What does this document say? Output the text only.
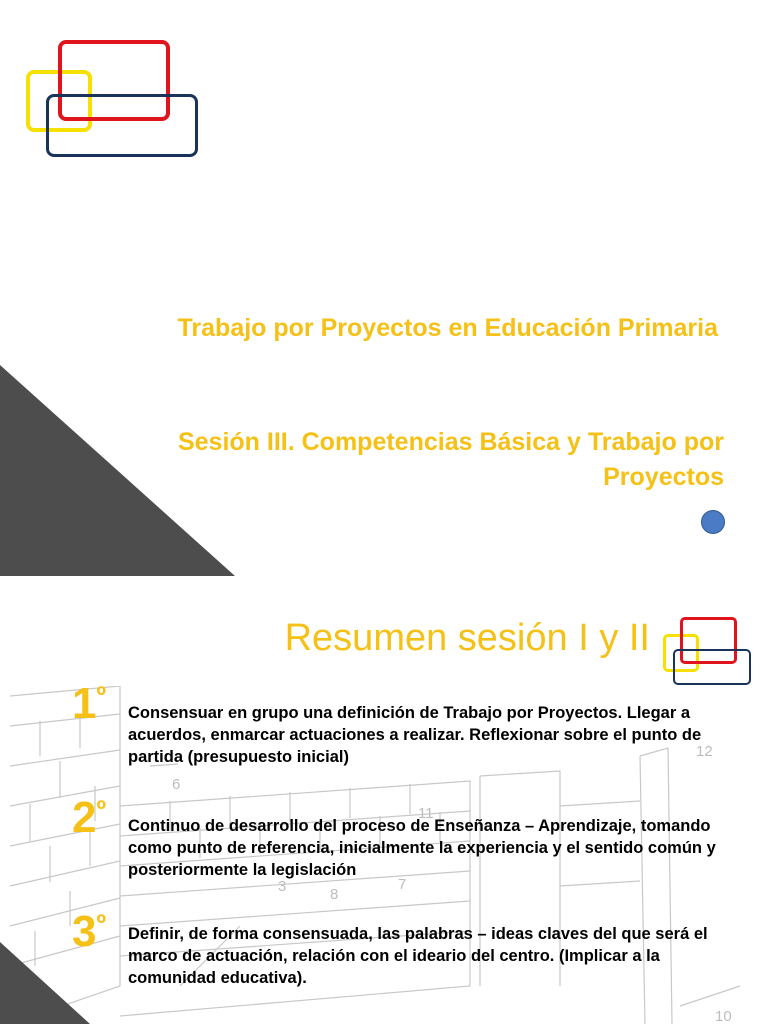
Trabajo por Proyectos en Educación Primaria
Sesión III. Competencias Básica y Trabajo por Proyectos
6
12
11
3	8
7
10
Resumen sesión I y II
$1^º$
Consensuar en grupo una definición de Trabajo por Proyectos. Llegar a acuerdos, enmarcar actuaciones a realizar. Reflexionar sobre el punto de partida (presupuesto inicial)
$2^º$
Continuo de desarrollo del proceso de Enseñanza – Aprendizaje, tomando como punto de referencia, inicialmente la experiencia y el sentido común y posteriormente la legislación
$3^º$ Definir, de forma consensuada, las palabras – ideas claves del que será el marco de actuación, relación con el ideario del centro. (Implicar a la comunidad educativa).
